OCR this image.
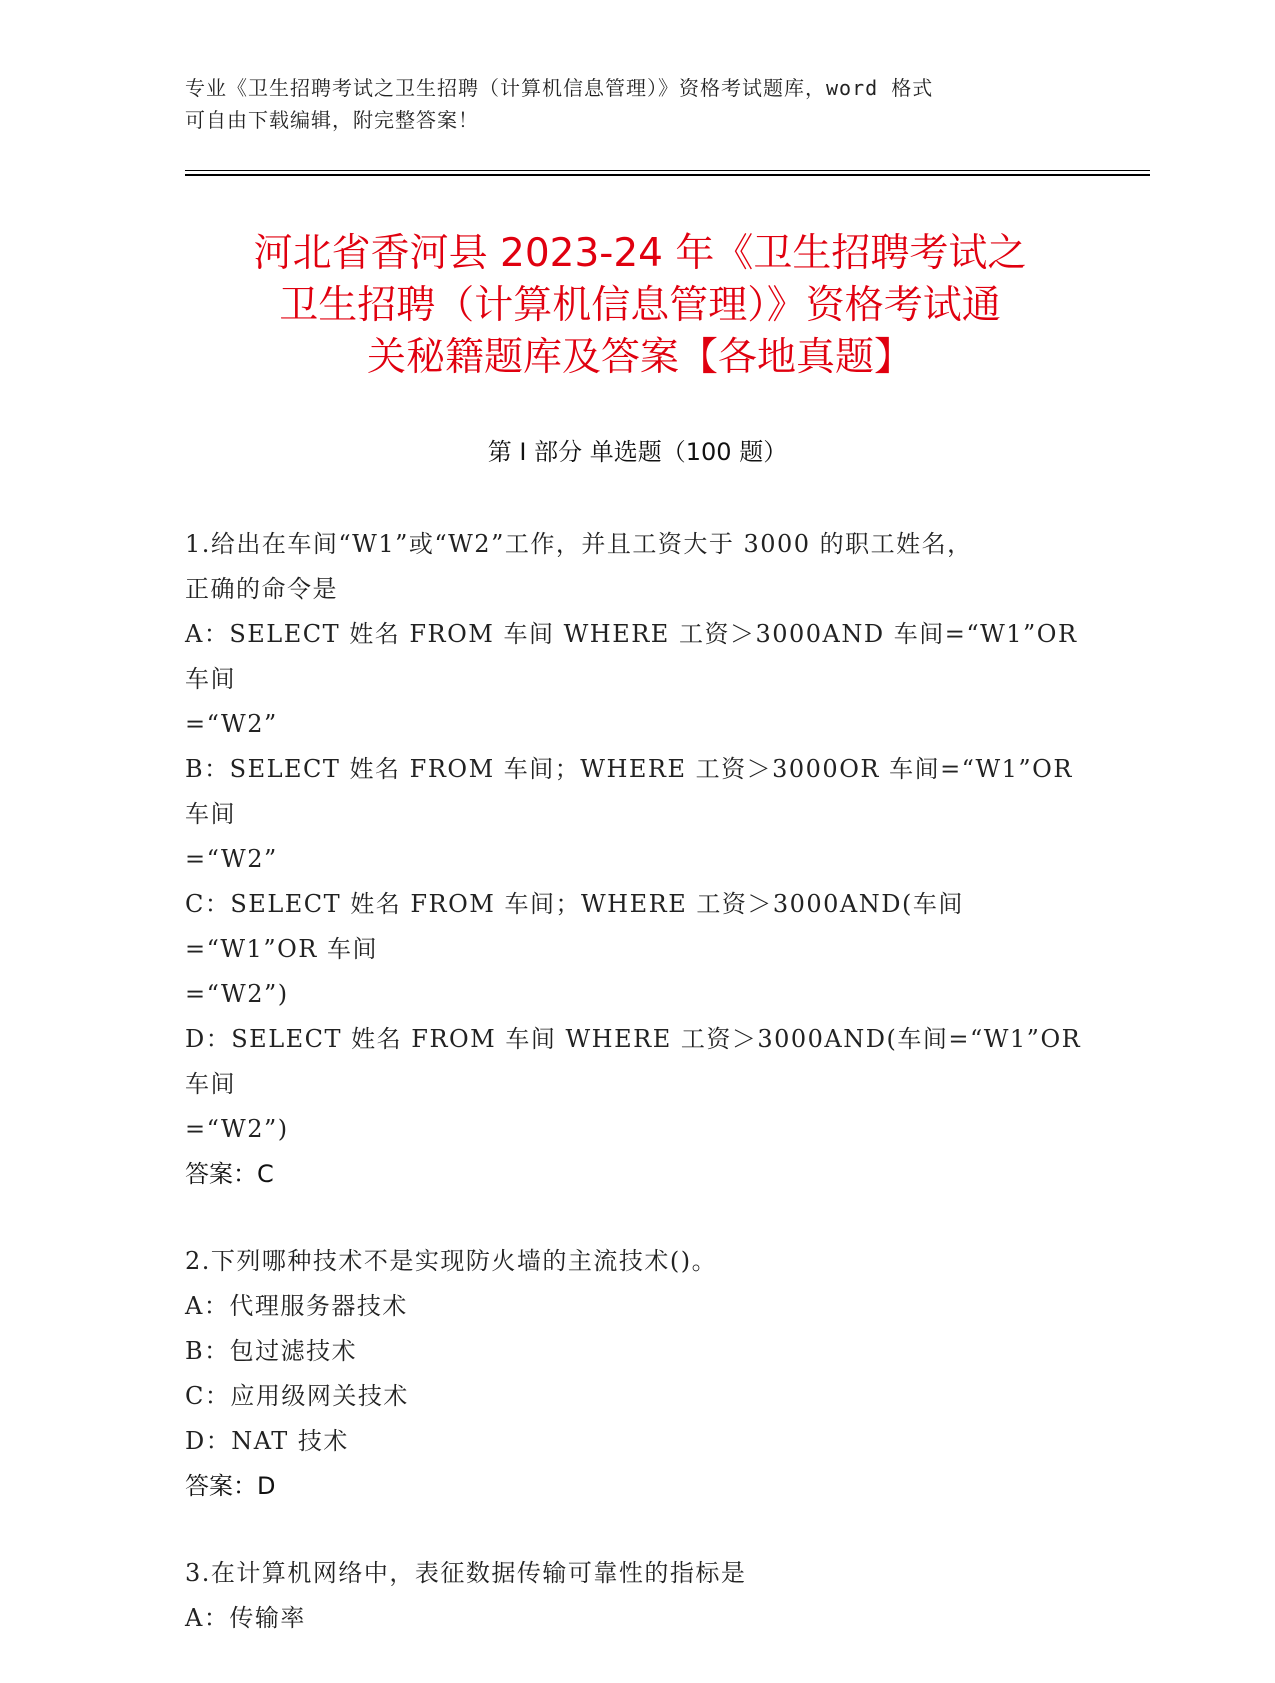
专业《卫生招聘考试之卫生招聘（计算机信息管理）》资格考试题库，word 格式
可自由下载编辑，附完整答案！
河北省香河县 2023-24 年《卫生招聘考试之
卫生招聘（计算机信息管理）》资格考试通
关秘籍题库及答案【各地真题】
第 I 部分 单选题（100 题）
1.给出在车间“W1”或“W2”工作，并且工资大于 3000 的职工姓名，
正确的命令是
A：SELECT 姓名 FROM 车间 WHERE 工资＞3000AND 车间=“W1”OR 车间
=“W2”
B：SELECT 姓名 FROM 车间；WHERE 工资＞3000OR 车间=“W1”OR 车间
=“W2”
C：SELECT 姓名 FROM 车间；WHERE 工资＞3000AND(车间=“W1”OR 车间
=“W2”)
D：SELECT 姓名 FROM 车间 WHERE 工资＞3000AND(车间=“W1”OR 车间
=“W2”)
答案：C
2.下列哪种技术不是实现防火墙的主流技术()。
A：代理服务器技术
B：包过滤技术
C：应用级网关技术
D：NAT 技术
答案：D
3.在计算机网络中，表征数据传输可靠性的指标是
A：传输率
